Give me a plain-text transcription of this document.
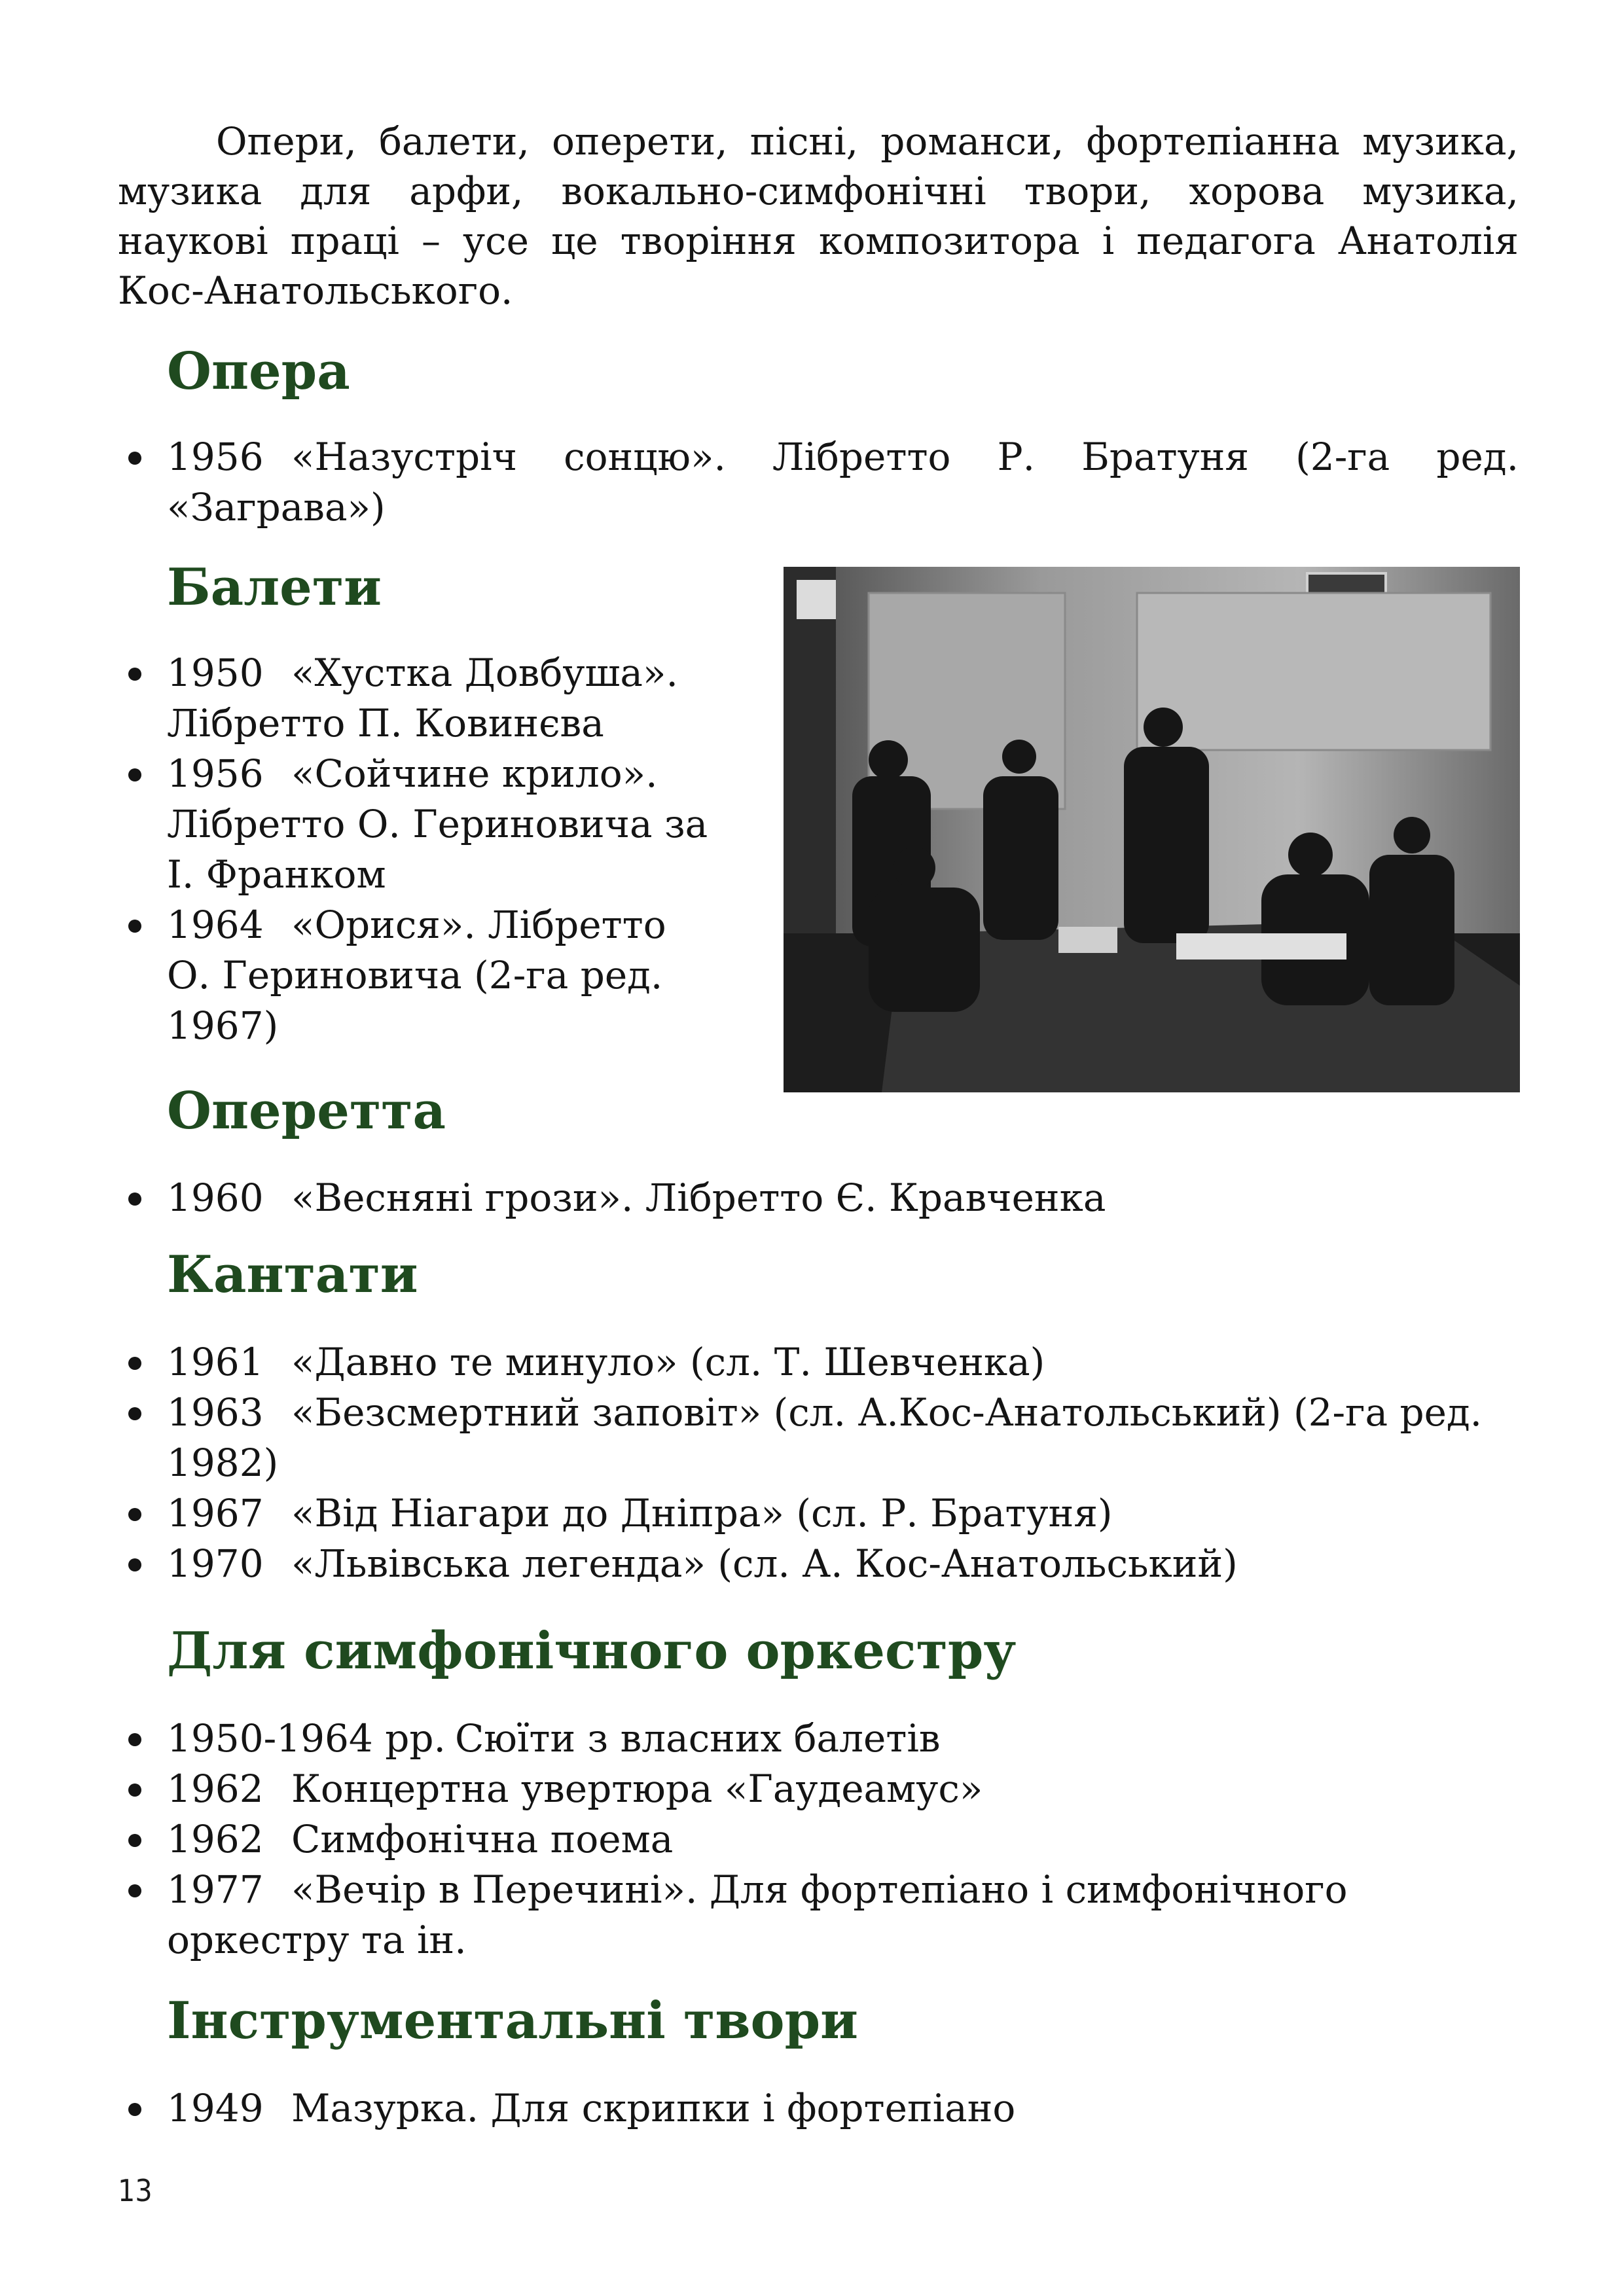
Опери, балети, оперети, пісні, романси, фортепіанна музика, музика для арфи, вокально-симфонічні твори, хорова музика, наукові праці – усе це творіння композитора і педагога Анатолія Кос-Анатольського.

Опера
1956 «Назустріч сонцю». Лібретто Р. Братуня (2-га ред.
«Заграва»)
Балети
1950 «Хустка Довбуша».
Лібретто П. Ковинєва
1956 «Сойчине крило».
Лібретто О. Гериновича за
І. Франком
1964 «Орися». Лібретто
О. Гериновича (2-га ред.
1967)
Оперетта
1960 «Весняні грози». Лібретто Є. Кравченка
Кантати
1961 «Давно те минуло» (сл. Т. Шевченка)
1963 «Безсмертний заповіт» (сл. А.Кос-Анатольський) (2-га ред.
1982)
1967 «Від Ніагари до Дніпра» (сл. Р. Братуня)
1970 «Львівська легенда» (сл. А. Кос-Анатольський)
Для симфонічного оркестру
1950-1964 рр. Сюїти з власних балетів
1962 Концертна увертюра «Гаудеамус»
1962 Симфонічна поема
1977 «Вечір в Перечині». Для фортепіано і симфонічного
оркестру та ін.
Інструментальні твори
1949 Мазурка. Для скрипки і фортепіано
13
